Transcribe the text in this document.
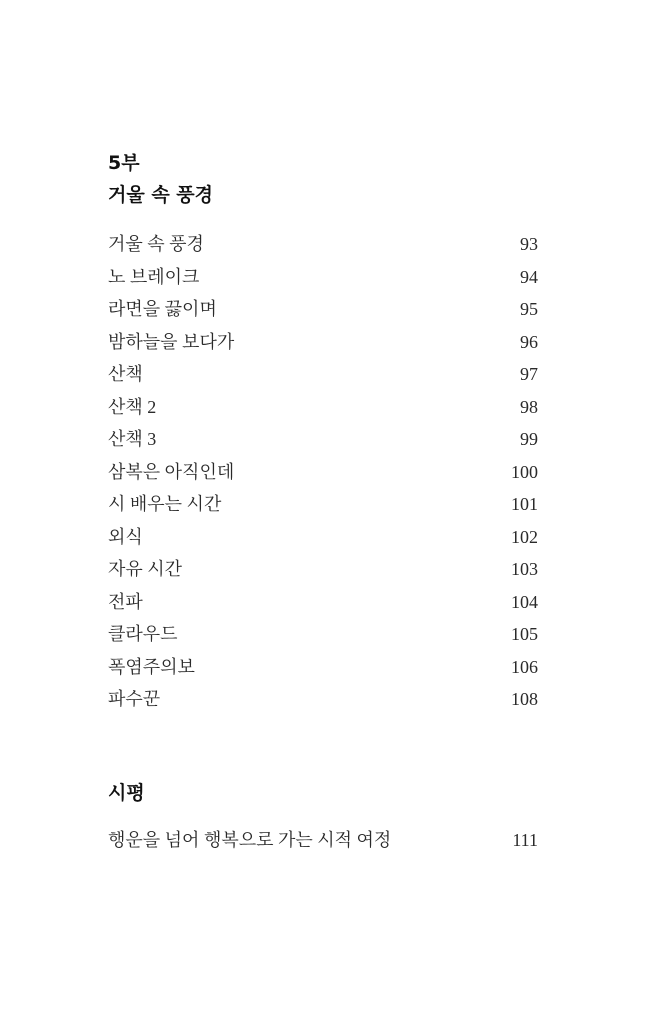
5부
거울 속 풍경
거울 속 풍경	93
노 브레이크	94
라면을 끓이며	95
밤하늘을 보다가	96
산책	97
산책 2	98
산책 3	99
삼복은 아직인데	100
시 배우는 시간	101
외식	102
자유 시간	103
전파	104
클라우드	105
폭염주의보	106
파수꾼	108
시평
행운을 넘어 행복으로 가는 시적 여정	111
